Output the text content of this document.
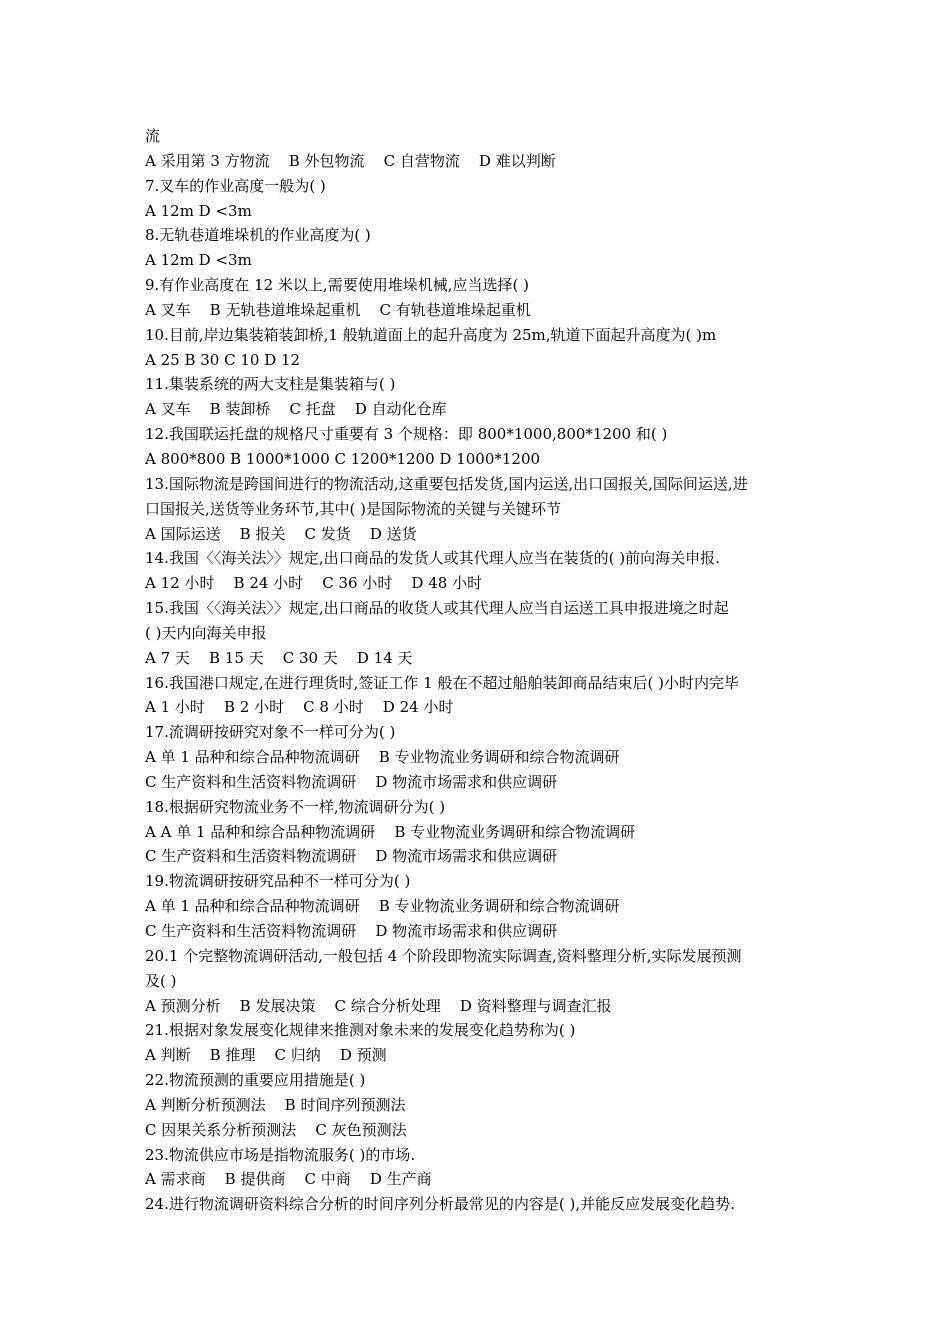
流
A 采用第 3 方物流    B 外包物流    C 自营物流    D 难以判断
7.叉车的作业高度一般为( )
A 12m D <3m
8.无轨巷道堆垛机的作业高度为( )
A 12m D <3m
9.有作业高度在 12 米以上,需要使用堆垛机械,应当选择( )
A 叉车    B 无轨巷道堆垛起重机    C 有轨巷道堆垛起重机
10.目前,岸边集装箱装卸桥,1 般轨道面上的起升高度为 25m,轨道下面起升高度为( )m
A 25 B 30 C 10 D 12
11.集装系统的两大支柱是集装箱与( )
A 叉车    B 装卸桥    C 托盘    D 自动化仓库
12.我国联运托盘的规格尺寸重要有 3 个规格：即 800*1000,800*1200 和( )
A 800*800 B 1000*1000 C 1200*1200 D 1000*1200
13.国际物流是跨国间进行的物流活动,这重要包括发货,国内运送,出口国报关,国际间运送,进
口国报关,送货等业务环节,其中( )是国际物流的关键与关键环节
A 国际运送    B 报关    C 发货    D 送货
14.我国〈〈海关法〉〉规定,出口商品的发货人或其代理人应当在装货的( )前向海关申报.
A 12 小时    B 24 小时    C 36 小时    D 48 小时
15.我国〈〈海关法〉〉规定,出口商品的收货人或其代理人应当自运送工具申报进境之时起
( )天内向海关申报
A 7 天    B 15 天    C 30 天    D 14 天
16.我国港口规定,在进行理货时,签证工作 1 般在不超过船舶装卸商品结束后( )小时内完毕
A 1 小时    B 2 小时    C 8 小时    D 24 小时
17.流调研按研究对象不一样可分为( )
A 单 1 品种和综合品种物流调研    B 专业物流业务调研和综合物流调研
C 生产资料和生活资料物流调研    D 物流市场需求和供应调研
18.根据研究物流业务不一样,物流调研分为( )
A A 单 1 品种和综合品种物流调研    B 专业物流业务调研和综合物流调研
C 生产资料和生活资料物流调研    D 物流市场需求和供应调研
19.物流调研按研究品种不一样可分为( )
A 单 1 品种和综合品种物流调研    B 专业物流业务调研和综合物流调研
C 生产资料和生活资料物流调研    D 物流市场需求和供应调研
20.1 个完整物流调研活动,一般包括 4 个阶段即物流实际调查,资料整理分析,实际发展预测
及( )
A 预测分析    B 发展决策    C 综合分析处理    D 资料整理与调查汇报
21.根据对象发展变化规律来推测对象未来的发展变化趋势称为( )
A 判断    B 推理    C 归纳    D 预测
22.物流预测的重要应用措施是( )
A 判断分析预测法    B 时间序列预测法
C 因果关系分析预测法    C 灰色预测法
23.物流供应市场是指物流服务( )的市场.
A 需求商    B 提供商    C 中商    D 生产商
24.进行物流调研资料综合分析的时间序列分析最常见的内容是( ),并能反应发展变化趋势.
